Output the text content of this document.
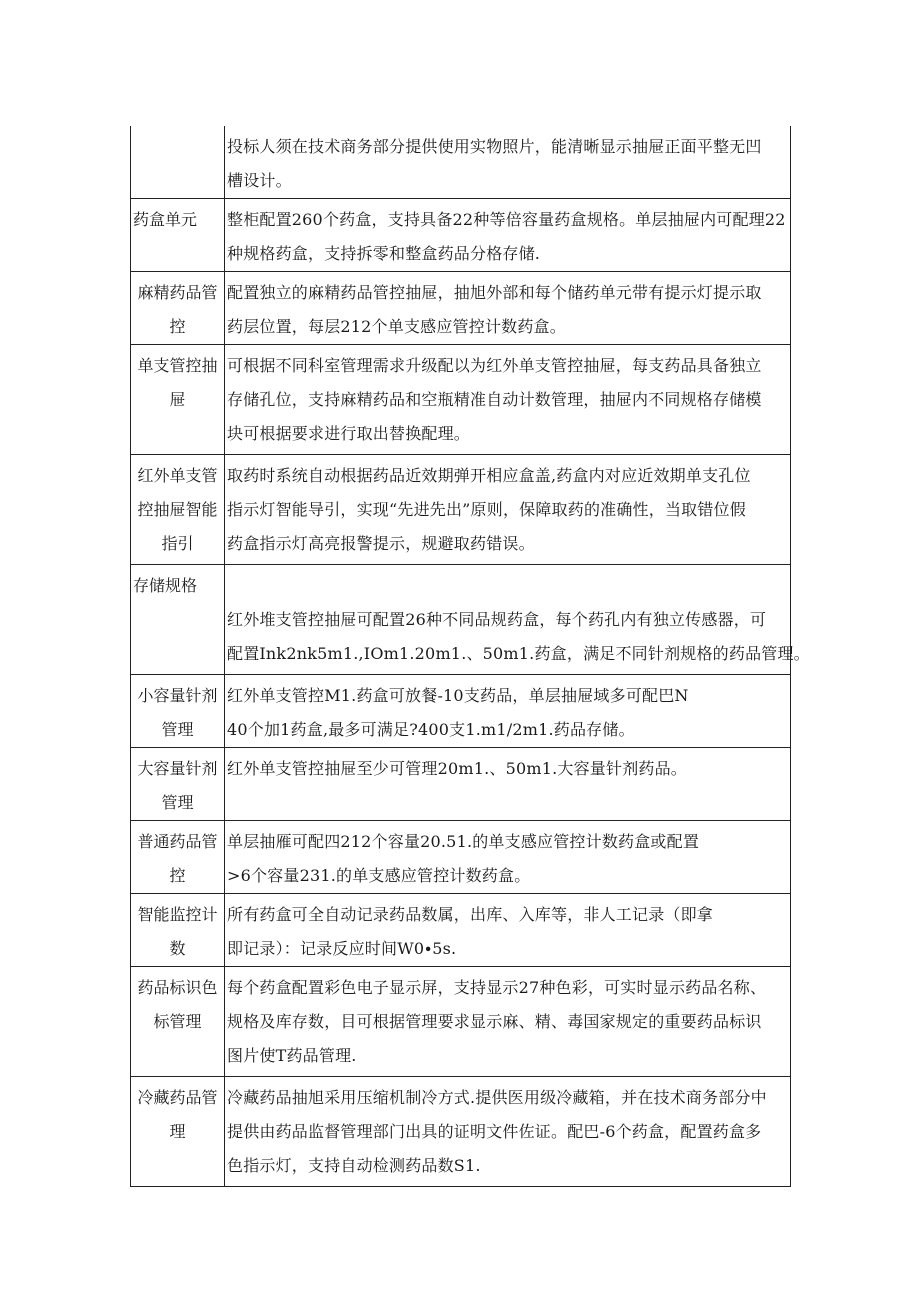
	投标人须在技术商务部分提供使用实物照片，能清晰显示抽屉正面平整无凹
槽设计。

药盒单元	整柜配置260个药盒，支持具备22种等倍容量药盒规格。单层抽屉内可配理22
种规格药盒，支持拆零和整盒药品分格存储.

麻精药品管控	配置独立的麻精药品管控抽屉，抽旭外部和每个储药单元带有提示灯提示取
药层位置，每层212个单支感应管控计数药盒。

单支管控抽屉	可根据不同科室管理需求升级配以为红外单支管控抽屉，每支药品具备独立
存储孔位，支持麻精药品和空瓶精准自动计数管理，抽屉内不同规格存储模
块可根据要求进行取出替换配理。

红外单支管控抽屉智能指引	取药时系统自动根据药品近效期弹开相应盒盖,药盒内对应近效期单支孔位
指示灯智能导引，实现“先进先出”原则，保障取药的准确性，当取错位假
药盒指示灯高亮报警提示，规避取药错误。

存储规格	红外堆支管控抽屉可配置26种不同品规药盒，每个药孔内有独立传感器，可
配置Ink2nk5m1.,IOm1.20m1.、50m1.药盒，满足不同针剂规格的药品管理。

小容量针剂管理	红外单支管控M1.药盒可放餐-10支药品，单层抽屉域多可配巴N
40个加1药盒,最多可满足?400支1.m1∕2m1.药品存储。

大容量针剂管理	红外单支管控抽屉至少可管理20m1.、50m1.大容量针剂药品。

普通药品管控	单层抽雁可配四212个容量20.51.的单支感应管控计数药盒或配置
>6个容量231.的单支感应管控计数药盒。

智能监控计数	所有药盒可全自动记录药品数属，出库、入库等，非人工记录（即拿
即记录）：记录反应时间W0∙5s.

药品标识色标管理	每个药盒配置彩色电子显示屏，支持显示27种色彩，可实时显示药品名称、
规格及库存数，目可根据管理要求显示麻、精、毒国家规定的重要药品标识
图片使T药品管理.

冷藏药品管理	冷藏药品抽旭采用压缩机制冷方式.提供医用级冷藏箱，并在技术商务部分中
提供由药品监督管理部门出具的证明文件佐证。配巴-6个药盒，配置药盒多
色指示灯，支持自动检测药品数S1.
